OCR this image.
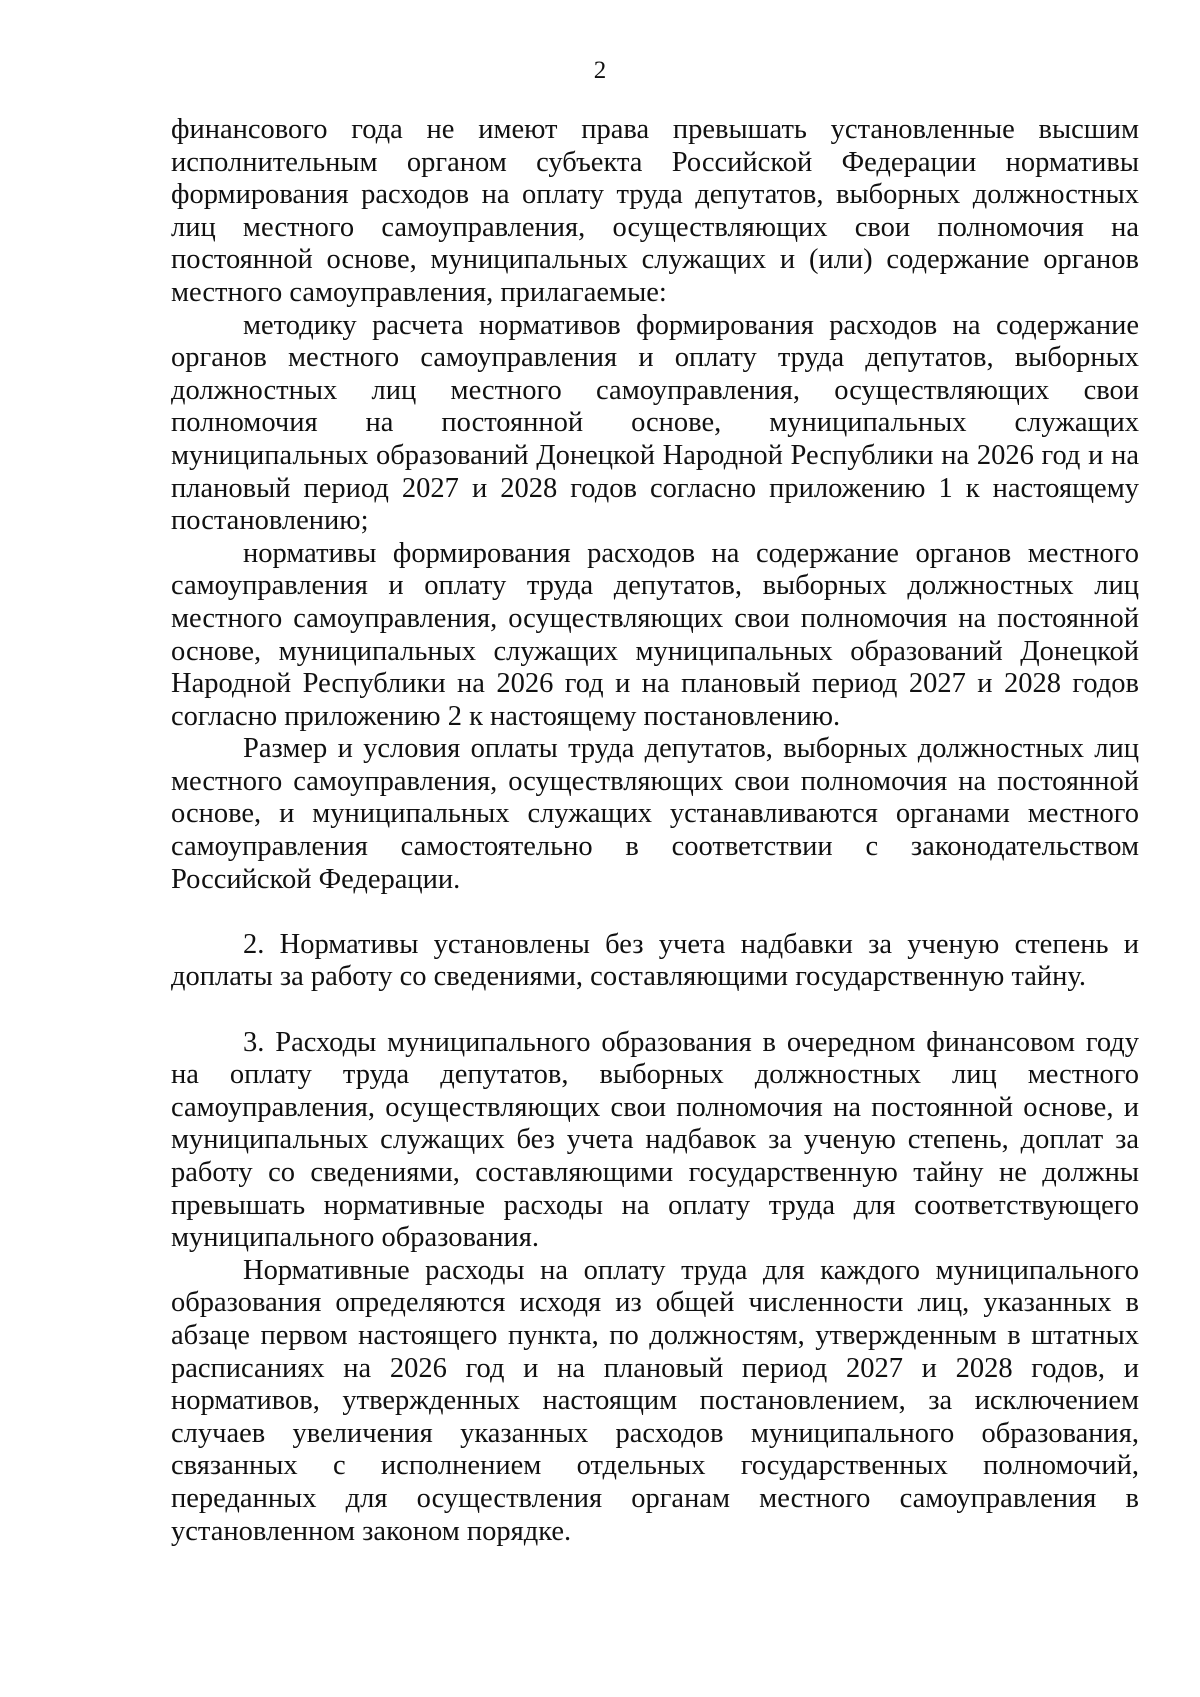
2

финансового года не имеют права превышать установленные высшим исполнительным органом субъекта Российской Федерации нормативы формирования расходов на оплату труда депутатов, выборных должностных лиц местного самоуправления, осуществляющих свои полномочия на постоянной основе, муниципальных служащих и (или) содержание органов местного самоуправления, прилагаемые:

методику расчета нормативов формирования расходов на содержание органов местного самоуправления и оплату труда депутатов, выборных должностных лиц местного самоуправления, осуществляющих свои полномочия на постоянной основе, муниципальных служащих муниципальных образований Донецкой Народной Республики на 2026 год и на плановый период 2027 и 2028 годов согласно приложению 1 к настоящему постановлению;

нормативы формирования расходов на содержание органов местного самоуправления и оплату труда депутатов, выборных должностных лиц местного самоуправления, осуществляющих свои полномочия на постоянной основе, муниципальных служащих муниципальных образований Донецкой Народной Республики на 2026 год и на плановый период 2027 и 2028 годов согласно приложению 2 к настоящему постановлению.

Размер и условия оплаты труда депутатов, выборных должностных лиц местного самоуправления, осуществляющих свои полномочия на постоянной основе, и муниципальных служащих устанавливаются органами местного самоуправления самостоятельно в соответствии с законодательством Российской Федерации.

2. Нормативы установлены без учета надбавки за ученую степень и доплаты за работу со сведениями, составляющими государственную тайну.

3. Расходы муниципального образования в очередном финансовом году на оплату труда депутатов, выборных должностных лиц местного самоуправления, осуществляющих свои полномочия на постоянной основе, и муниципальных служащих без учета надбавок за ученую степень, доплат за работу со сведениями, составляющими государственную тайну не должны превышать нормативные расходы на оплату труда для соответствующего муниципального образования.

Нормативные расходы на оплату труда для каждого муниципального образования определяются исходя из общей численности лиц, указанных в абзаце первом настоящего пункта, по должностям, утвержденным в штатных расписаниях на 2026 год и на плановый период 2027 и 2028 годов, и нормативов, утвержденных настоящим постановлением, за исключением случаев увеличения указанных расходов муниципального образования, связанных с исполнением отдельных государственных полномочий, переданных для осуществления органам местного самоуправления в установленном законом порядке.
